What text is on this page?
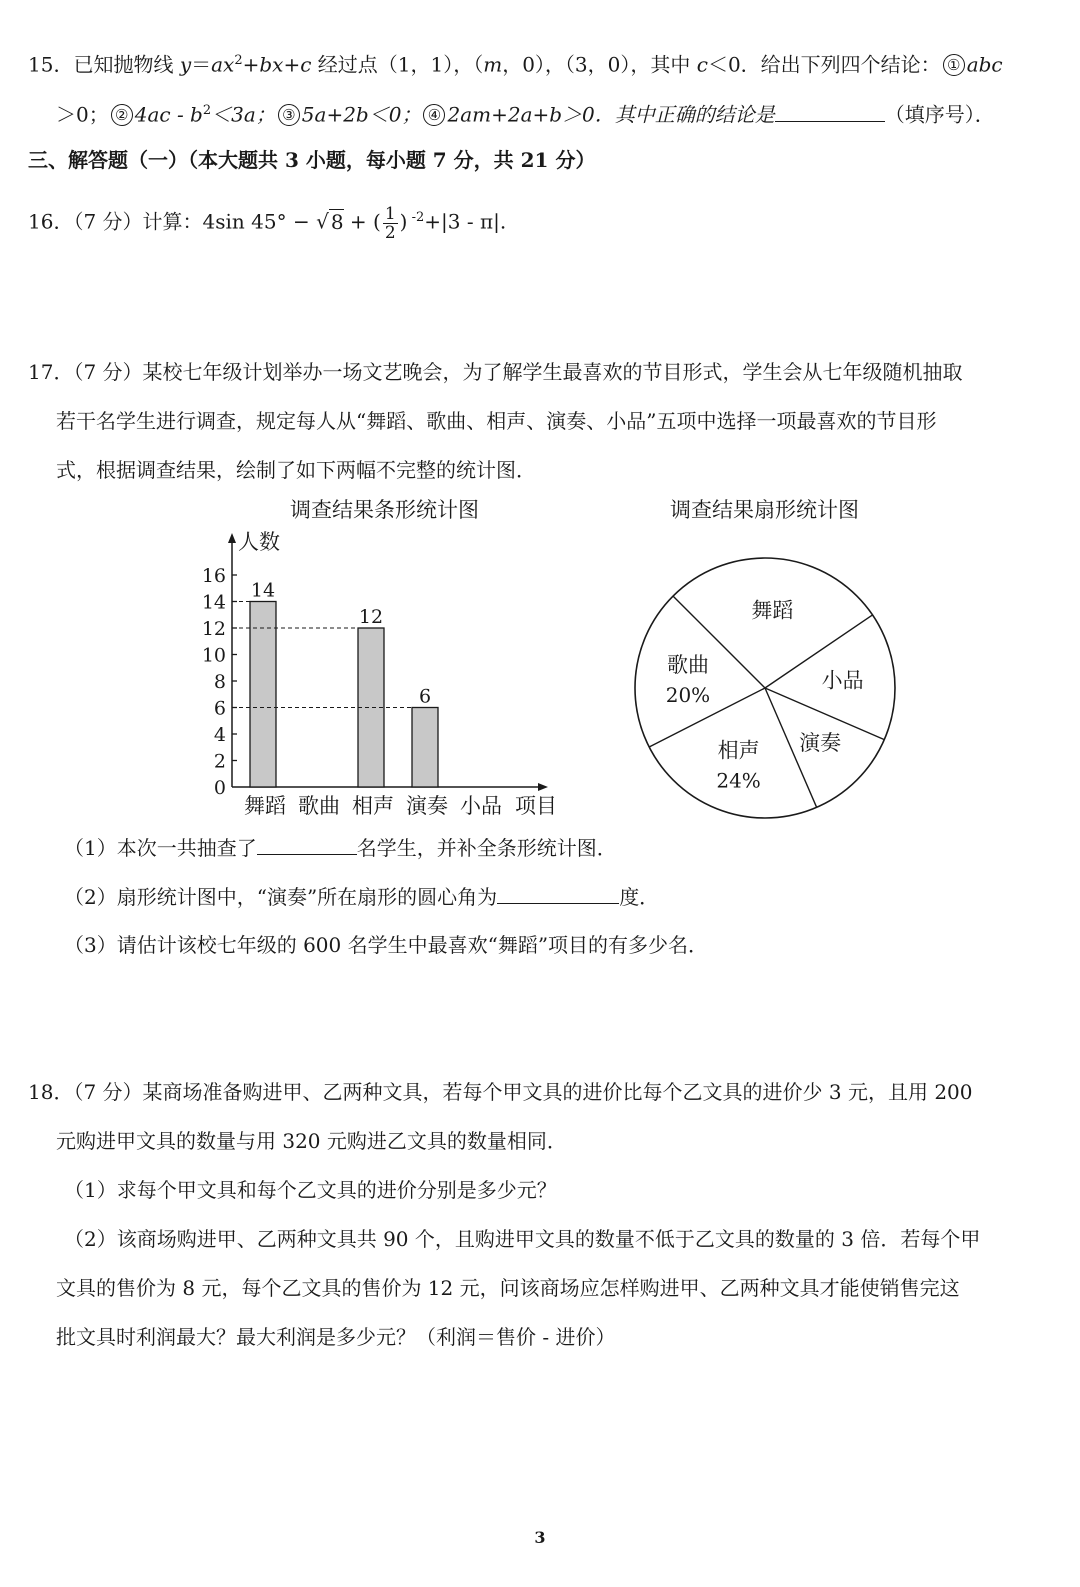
15．已知抛物线 $y=ax^2+bx+c$ 经过点（1，1），（m，0），（3，0），其中 c＜0．给出下列四个结论： ① abc
＞0； ② $4ac - b^2<3a$； ③ 5a+2b＜0； ④ 2am+2a+b＞0．其中正确的结论是	（填序号）．
三、解答题（一）（本大题共 3 小题，每小题 7 分，共 21 分）
16．（7 分）计算：4sin 45° − √ 8 + ( $\frac{1}{2}$ ) $^{-2}$+|3 - π|.
17．（7 分）某校七年级计划举办一场文艺晚会，为了解学生最喜欢的节目形式，学生会从七年级随机抽取
若干名学生进行调查，规定每人从“舞蹈、歌曲、相声、演奏、小品”五项中选择一项最喜欢的节目形
式，根据调查结果，绘制了如下两幅不完整的统计图．
调查结果条形统计图	调查结果扇形统计图
人数
0
2
4
6
8
10
12
14
16
14
舞蹈 歌曲
12
相声
6
演奏 小品 项目
舞蹈
小品
演奏
相声
24%
歌曲
20%
（1）本次一共抽查了	名学生，并补全条形统计图．
（2）扇形统计图中，“演奏”所在扇形的圆心角为	度．
（3）请估计该校七年级的 600 名学生中最喜欢“舞蹈”项目的有多少名．
18．（7 分）某商场准备购进甲、乙两种文具，若每个甲文具的进价比每个乙文具的进价少 3 元，且用 200
元购进甲文具的数量与用 320 元购进乙文具的数量相同．
（1）求每个甲文具和每个乙文具的进价分别是多少元？
（2）该商场购进甲、乙两种文具共 90 个，且购进甲文具的数量不低于乙文具的数量的 3 倍．若每个甲
文具的售价为 8 元，每个乙文具的售价为 12 元，问该商场应怎样购进甲、乙两种文具才能使销售完这
批文具时利润最大？最大利润是多少元？（利润＝售价 - 进价）
3
